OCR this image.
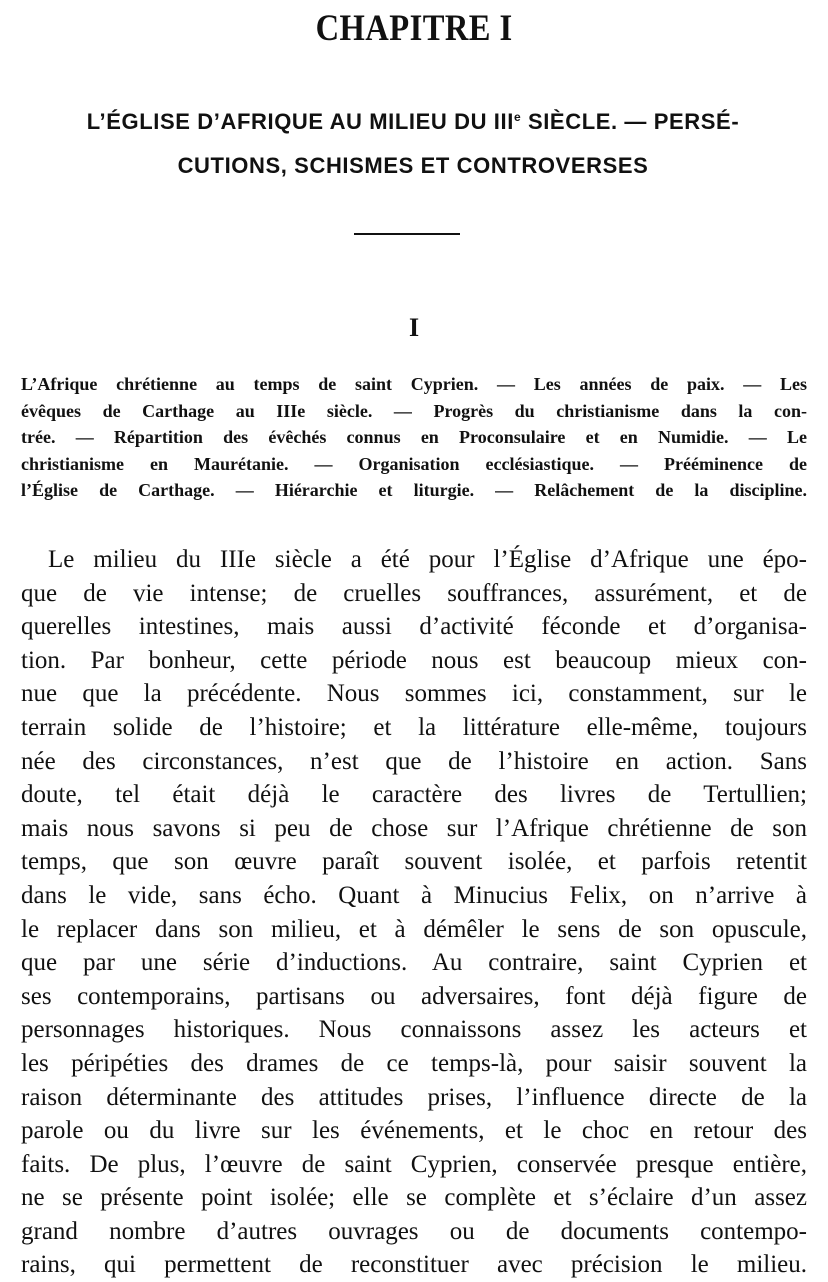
CHAPITRE I
L’ÉGLISE D’AFRIQUE AU MILIEU DU IIIe SIÈCLE. — PERSÉ-
CUTIONS, SCHISMES ET CONTROVERSES
I
L’Afrique chrétienne au temps de saint Cyprien. — Les années de paix. — Les
évêques de Carthage au IIIe siècle. — Progrès du christianisme dans la con-
trée. — Répartition des évêchés connus en Proconsulaire et en Numidie. — Le
christianisme en Maurétanie. — Organisation ecclésiastique. — Prééminence de
l’Église de Carthage. — Hiérarchie et liturgie. — Relâchement de la discipline.
Le milieu du IIIe siècle a été pour l’Église d’Afrique une épo-
que de vie intense; de cruelles souffrances, assurément, et de
querelles intestines, mais aussi d’activité féconde et d’organisa-
tion. Par bonheur, cette période nous est beaucoup mieux con-
nue que la précédente. Nous sommes ici, constamment, sur le
terrain solide de l’histoire; et la littérature elle-même, toujours
née des circonstances, n’est que de l’histoire en action. Sans
doute, tel était déjà le caractère des livres de Tertullien;
mais nous savons si peu de chose sur l’Afrique chrétienne de son
temps, que son œuvre paraît souvent isolée, et parfois retentit
dans le vide, sans écho. Quant à Minucius Felix, on n’arrive à
le replacer dans son milieu, et à démêler le sens de son opuscule,
que par une série d’inductions. Au contraire, saint Cyprien et
ses contemporains, partisans ou adversaires, font déjà figure de
personnages historiques. Nous connaissons assez les acteurs et
les péripéties des drames de ce temps-là, pour saisir souvent la
raison déterminante des attitudes prises, l’influence directe de la
parole ou du livre sur les événements, et le choc en retour des
faits. De plus, l’œuvre de saint Cyprien, conservée presque entière,
ne se présente point isolée; elle se complète et s’éclaire d’un assez
grand nombre d’autres ouvrages ou de documents contempo-
rains, qui permettent de reconstituer avec précision le milieu.
